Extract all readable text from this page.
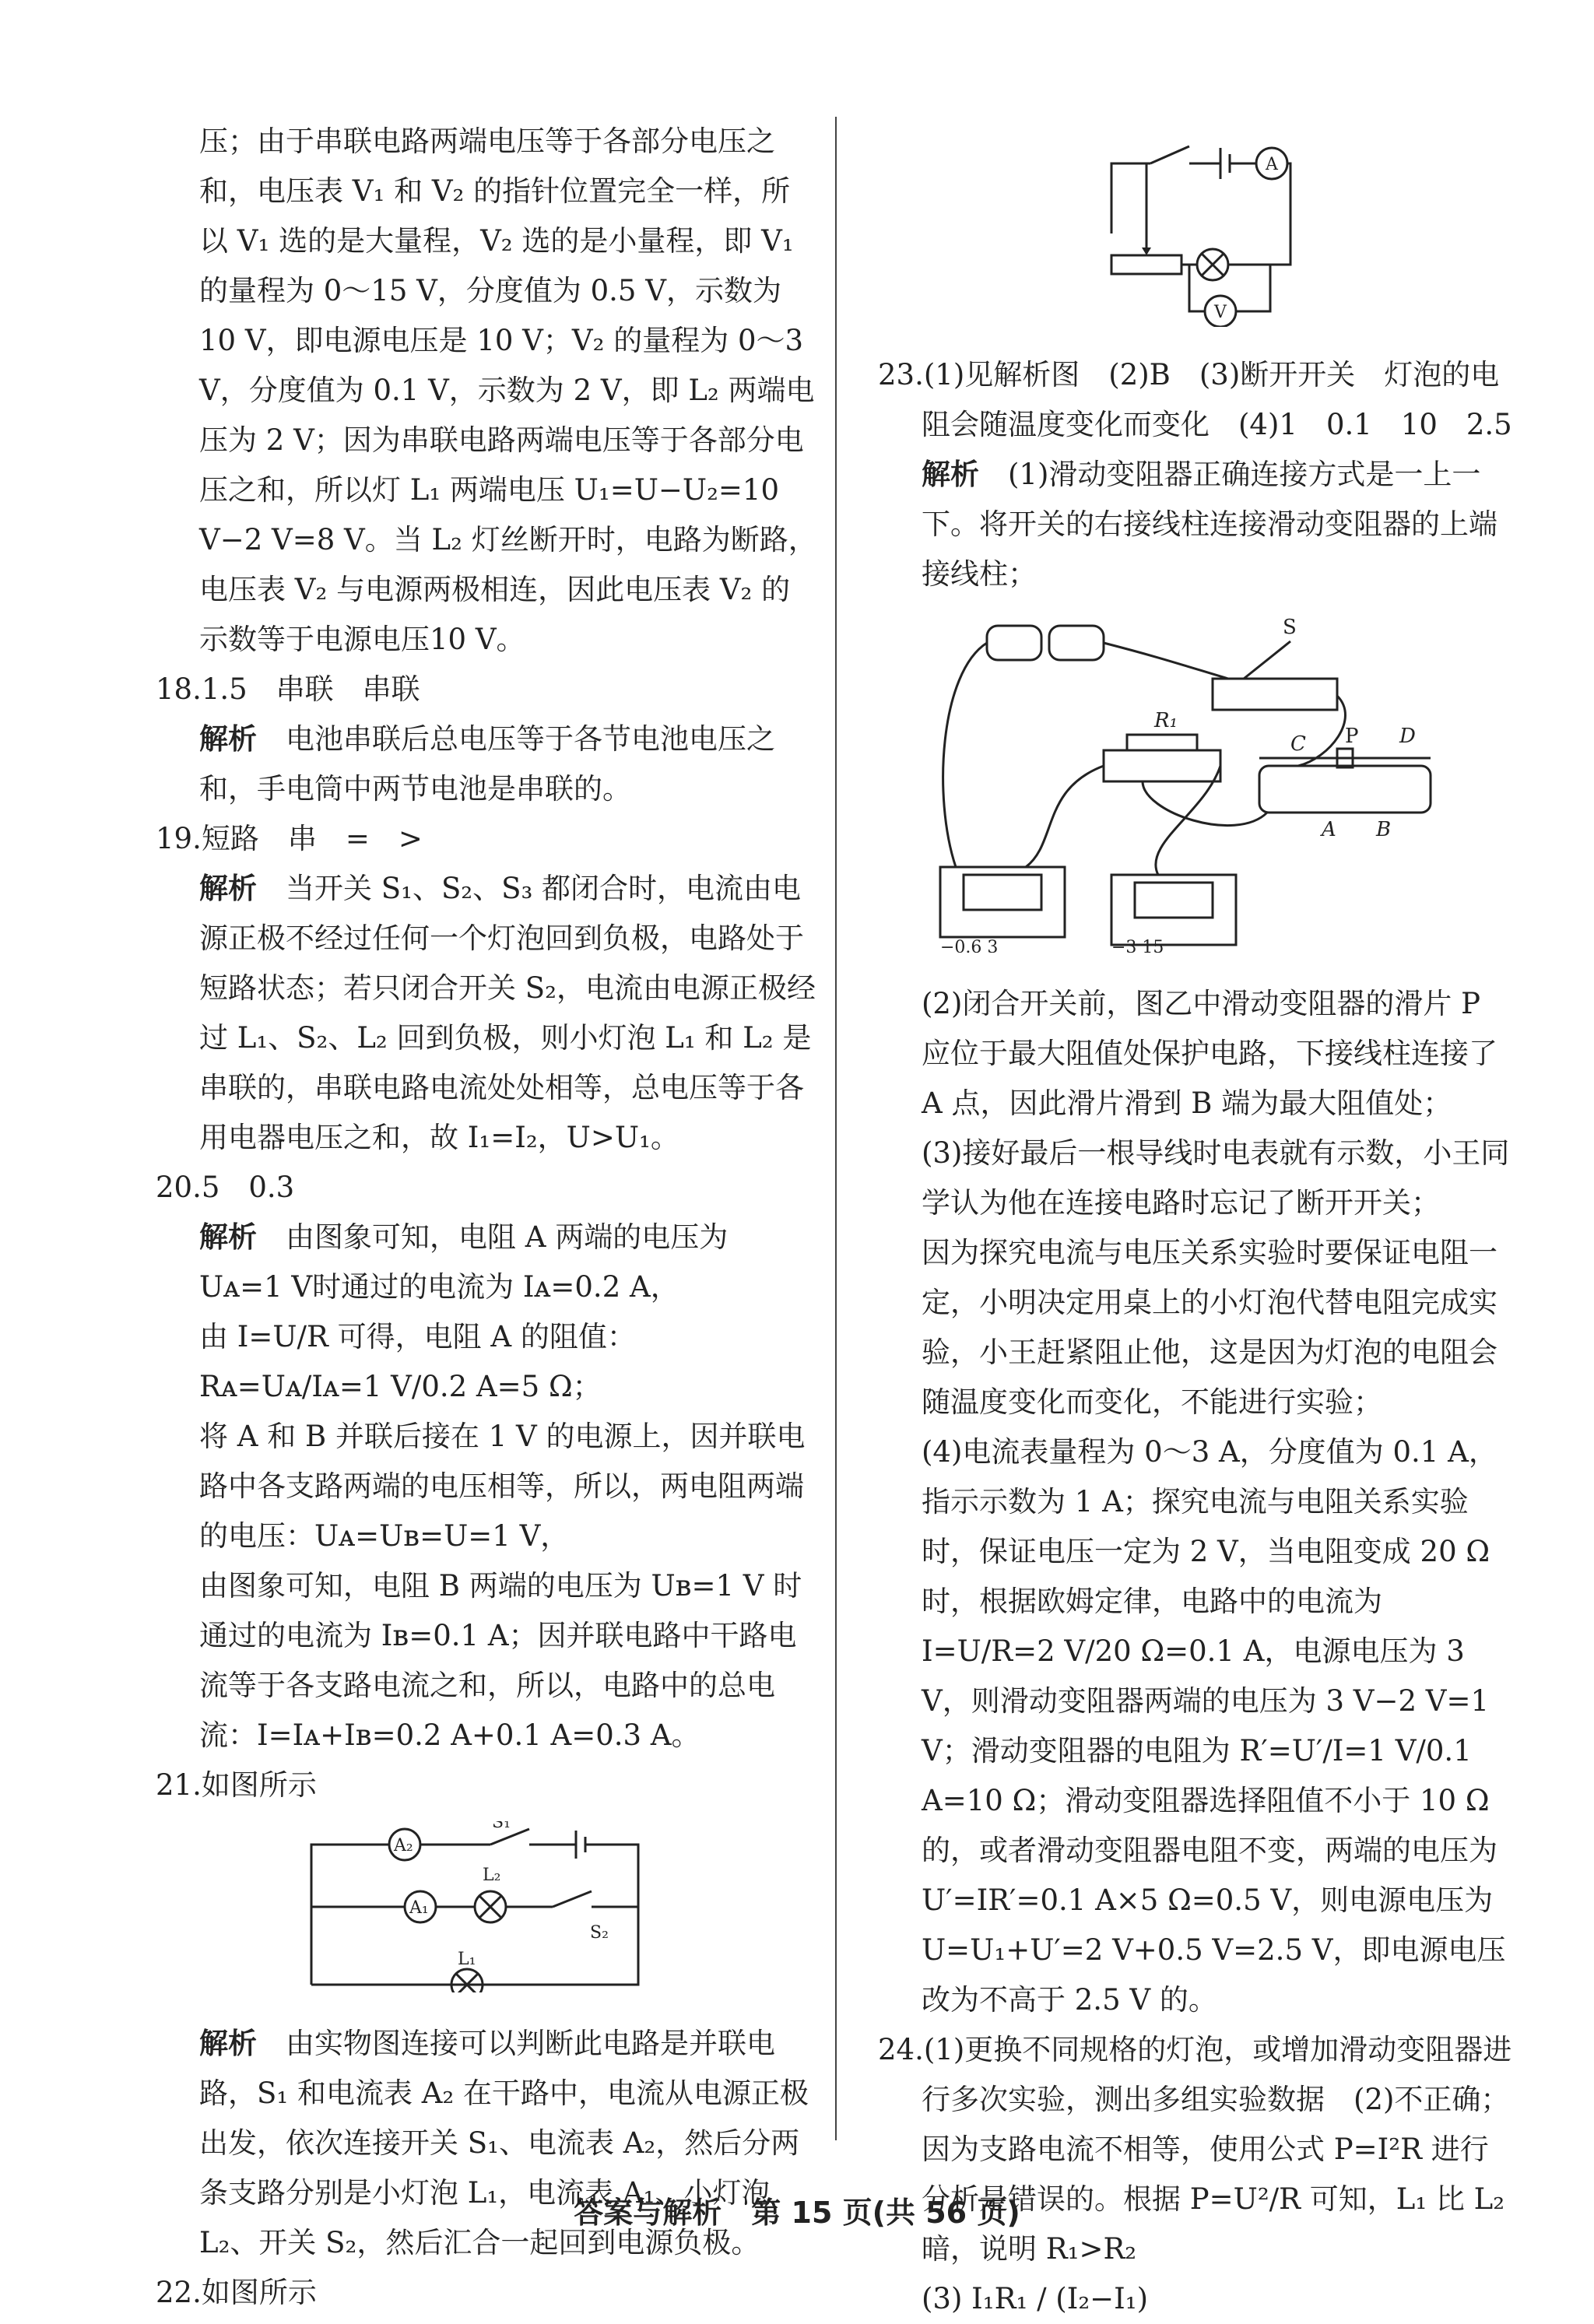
压；由于串联电路两端电压等于各部分电压之和，电压表 V₁ 和 V₂ 的指针位置完全一样，所以 V₁ 选的是大量程，V₂ 选的是小量程，即 V₁ 的量程为 0～15 V，分度值为 0.5 V，示数为 10 V，即电源电压是 10 V；V₂ 的量程为 0～3 V，分度值为 0.1 V，示数为 2 V，即 L₂ 两端电压为 2 V；因为串联电路两端电压等于各部分电压之和，所以灯 L₁ 两端电压 U₁=U−U₂=10 V−2 V=8 V。当 L₂ 灯丝断开时，电路为断路，电压表 V₂ 与电源两极相连，因此电压表 V₂ 的示数等于电源电压10 V。

18.1.5　串联　串联

解析　 电池串联后总电压等于各节电池电压之和，手电筒中两节电池是串联的。

19.短路　串　=　>

解析　 当开关 S₁、S₂、S₃ 都闭合时，电流由电源正极不经过任何一个灯泡回到负极，电路处于短路状态；若只闭合开关 S₂，电流由电源正极经过 L₁、S₂、L₂ 回到负极，则小灯泡 L₁ 和 L₂ 是串联的，串联电路电流处处相等，总电压等于各用电器电压之和，故 I₁=I₂，U>U₁。

20.5　0.3

解析　 由图象可知，电阻 A 两端的电压为 Uᴀ=1 V时通过的电流为 Iᴀ=0.2 A，

由 I=U/R 可得，电阻 A 的阻值：

Rᴀ=Uᴀ/Iᴀ=1 V/0.2 A=5 Ω；

将 A 和 B 并联后接在 1 V 的电源上，因并联电路中各支路两端的电压相等，所以，两电阻两端的电压：Uᴀ=Uʙ=U=1 V，

由图象可知，电阻 B 两端的电压为 Uʙ=1 V 时通过的电流为 Iʙ=0.1 A；因并联电路中干路电流等于各支路电流之和，所以，电路中的总电流：I=Iᴀ+Iʙ=0.2 A+0.1 A=0.3 A。

21.如图所示

A₂
A₁
S₁
L₂
S₂
L₁

解析　 由实物图连接可以判断此电路是并联电路，S₁ 和电流表 A₂ 在干路中，电流从电源正极出发，依次连接开关 S₁、电流表 A₂，然后分两条支路分别是小灯泡 L₁，电流表 A₁、小灯泡 L₂、开关 S₂，然后汇合一起回到电源负极。

22.如图所示

A
V

23.(1)见解析图　(2)B　(3)断开开关　灯泡的电阻会随温度变化而变化　(4)1　0.1　10　2.5

解析　 (1)滑动变阻器正确连接方式是一上一下。将开关的右接线柱连接滑动变阻器的上端接线柱；

S
R₁
C P D
A B
−0.6 3	−3 15

(2)闭合开关前，图乙中滑动变阻器的滑片 P 应位于最大阻值处保护电路，下接线柱连接了 A 点，因此滑片滑到 B 端为最大阻值处；

(3)接好最后一根导线时电表就有示数，小王同学认为他在连接电路时忘记了断开开关；

因为探究电流与电压关系实验时要保证电阻一定，小明决定用桌上的小灯泡代替电阻完成实验，小王赶紧阻止他，这是因为灯泡的电阻会随温度变化而变化，不能进行实验；

(4)电流表量程为 0～3 A，分度值为 0.1 A，指示示数为 1 A；探究电流与电阻关系实验时，保证电压一定为 2 V，当电阻变成 20 Ω 时，根据欧姆定律，电路中的电流为 I=U/R=2 V/20 Ω=0.1 A，电源电压为 3 V，则滑动变阻器两端的电压为 3 V−2 V=1 V；滑动变阻器的电阻为 R′=U′/I=1 V/0.1 A=10 Ω；滑动变阻器选择阻值不小于 10 Ω 的，或者滑动变阻器电阻不变，两端的电压为 U′=IR′=0.1 A×5 Ω=0.5 V，则电源电压为 U=U₁+U′=2 V+0.5 V=2.5 V，即电源电压改为不高于 2.5 V 的。

24.(1)更换不同规格的灯泡，或增加滑动变阻器进行多次实验，测出多组实验数据　(2)不正确；因为支路电流不相等，使用公式 P=I²R 进行分析是错误的。根据 P=U²/R 可知，L₁ 比 L₂ 暗，说明 R₁>R₂

(3) I₁R₁ / (I₂−I₁)

答案与解析　第 15 页(共 56 页)
